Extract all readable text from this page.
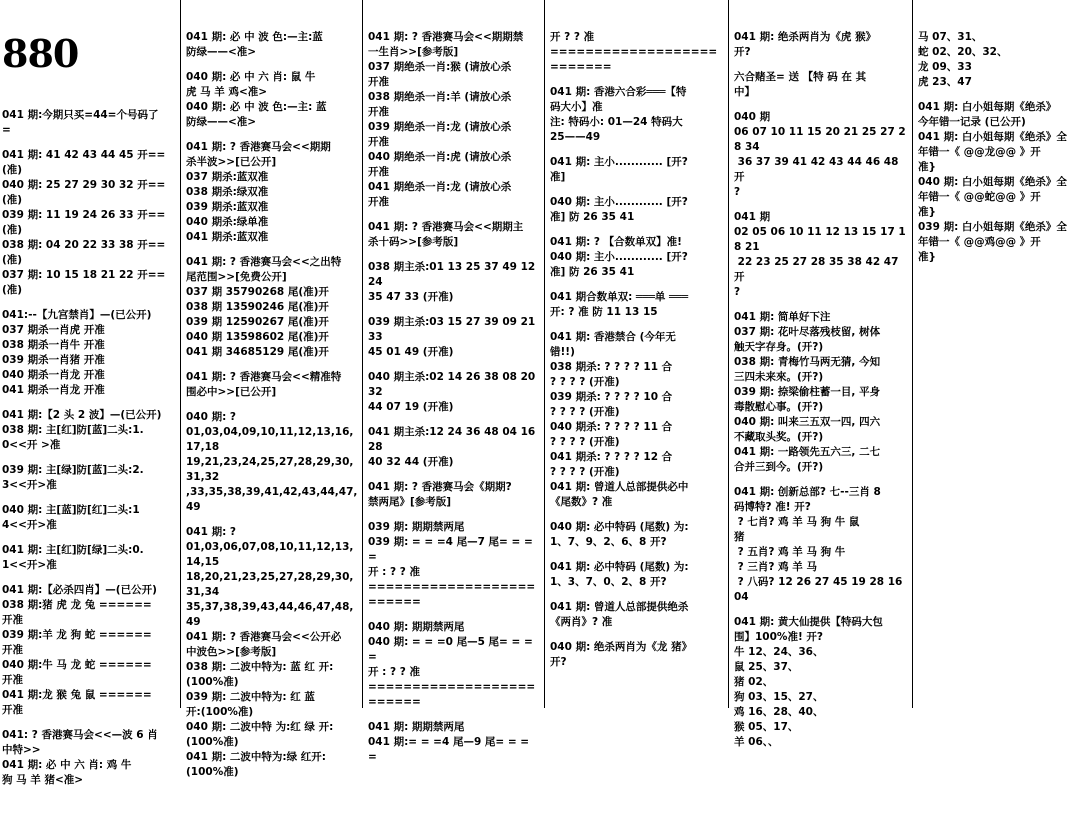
880

041 期:今期只买=44=个号码了
=
041 期: 41 42 43 44 45 开==(准)
040 期: 25 27 29 30 32 开==(准)
039 期: 11 19 24 26 33 开==(准)
038 期: 04 20 22 33 38 开==(准)
037 期: 10 15 18 21 22 开==(准)
041:--【九宫禁肖】—(已公开)
037 期杀一肖虎 开准
038 期杀一肖牛 开准
039 期杀一肖猪 开准
040 期杀一肖龙 开准
041 期杀一肖龙 开准
041 期:【2 头 2 波】—(已公开)
038 期: 主[红]防[蓝]二头:1.
0<<开 >准
039 期: 主[绿]防[蓝]二头:2.
3<<开>准
040 期: 主[蓝]防[红]二头:1
4<<开>准
041 期: 主[红]防[绿]二头:0.
1<<开>准
041 期:【必杀四肖】—(已公开)
038 期:猪 虎 龙 兔 ======
开准
039 期:羊 龙 狗 蛇 ======
开准
040 期:牛 马 龙 蛇 ======
开准
041 期:龙 猴 兔 鼠 ======
开准
041: ? 香港赛马会<<—波 6 肖
中特>>
041 期: 必 中 六 肖: 鸡 牛
狗 马 羊 猪<准>

041 期: 必 中 波 色:—主:蓝
防绿——<准>
040 期: 必 中 六 肖: 鼠 牛
虎 马 羊 鸡<准>
040 期: 必 中 波 色:—主: 蓝
防绿——<准>
041 期: ? 香港赛马会<<期期
杀半波>>[已公开]
037 期杀:蓝双准
038 期杀:绿双准
039 期杀:蓝双准
040 期杀:绿单准
041 期杀:蓝双准
041 期: ? 香港赛马会<<之出特
尾范围>>[免费公开]
037 期 35790268 尾(准)开
038 期 13590246 尾(准)开
039 期 12590267 尾(准)开
040 期 13598602 尾(准)开
041 期 34685129 尾(准)开
041 期: ? 香港赛马会<<精准特
围必中>>[已公开]
040 期: ?
01,03,04,09,10,11,12,13,16,17,18
19,21,23,24,25,27,28,29,30,31,32
,33,35,38,39,41,42,43,44,47,49
041 期: ?
01,03,06,07,08,10,11,12,13,14,15
18,20,21,23,25,27,28,29,30,31,34
35,37,38,39,43,44,46,47,48,49
041 期: ? 香港赛马会<<公开必
中波色>>[参考版]
038 期: 二波中特为: 蓝 红 开:
(100%准)
039 期: 二波中特为: 红 蓝
开:(100%准)
040 期: 二波中特 为:红 绿 开:
(100%准)
041 期: 二波中特为:绿 红开:
(100%准)

041 期: ? 香港赛马会<<期期禁
一生肖>>[参考版]
037 期绝杀一肖:猴 (请放心杀
开准
038 期绝杀一肖:羊 (请放心杀
开准
039 期绝杀一肖:龙 (请放心杀
开准
040 期绝杀一肖:虎 (请放心杀
开准
041 期绝杀一肖:龙 (请放心杀
开准
041 期: ? 香港赛马会<<期期主
杀十码>>[参考版]
038 期主杀:01 13 25 37 49 12 24
35 47 33 (开准)
039 期主杀:03 15 27 39 09 21 33
45 01 49 (开准)
040 期主杀:02 14 26 38 08 20 32
44 07 19 (开准)
041 期主杀:12 24 36 48 04 16 28
40 32 44 (开准)
041 期: ? 香港赛马会《期期?
禁两尾》[参考版]
039 期: 期期禁两尾
039 期: = = =4 尾—7 尾= = = =
开 : ? ? 准
=========================
040 期: 期期禁两尾
040 期: = = =0 尾—5 尾= = = =
开 : ? ? 准
=========================
041 期: 期期禁两尾
041 期:= = =4 尾—9 尾= = = =

开 ? ? 准
==========================
041 期: 香港六合彩═══【特
码大小】准
注: 特码小: 01—24 特码大
25——49
041 期: 主小............ [开?
准]
040 期: 主小............ [开?
准] 防 26 35 41
041 期: ? 【合数单双】准!
040 期: 主小............ [开?
准] 防 26 35 41
041 期合数单双: ═══单 ═══
开: ? 准 防 11 13 15
041 期: 香港禁合 (今年无
错!!)
038 期杀: ? ? ? ? 11 合
? ? ? ? (开准)
039 期杀: ? ? ? ? 10 合
? ? ? ? (开准)
040 期杀: ? ? ? ? 11 合
? ? ? ? (开准)
041 期杀: ? ? ? ? 12 合
? ? ? ? (开准)
041 期: 曾道人总部提供必中
《尾数》? 准
040 期: 必中特码 (尾数) 为:
1、7、9、2、6、8 开?
041 期: 必中特码 (尾数) 为:
1、3、7、0、2、8 开?
041 期: 曾道人总部提供绝杀
《两肖》? 准
040 期: 绝杀两肖为《龙 猪》
开?

041 期: 绝杀两肖为《虎 猴》
开?
六合赌圣= 送 【特 码 在 其
中】
040 期
06 07 10 11 15 20 21 25 27 28 34
36 37 39 41 42 43 44 46 48 开
?
041 期
02 05 06 10 11 12 13 15 17 18 21
22 23 25 27 28 35 38 42 47 开
?
041 期: 简单好下注
037 期: 花叶尽落残枝留, 树体
触天字存身。(开?)
038 期: 青梅竹马两无猜, 今知
三四未来來。(开?)
039 期: 捺梁偷柱蓄一目, 平身
毒散慰心事。(开?)
040 期: 叫来三五双一四, 四六
不藏取头奖。(开?)
041 期: 一路领先五六三, 二七
合并三到今。(开?)
041 期: 创新总部? 七--三肖 8
码博特? 准! 开?
? 七肖? 鸡 羊 马 狗 牛 鼠
猪
? 五肖? 鸡 羊 马 狗 牛
? 三肖? 鸡 羊 马
? 八码? 12 26 27 45 19 28 16
04
041 期: 黄大仙提供【特码大包
围】100%准! 开?
牛 12、24、36、
鼠 25、37、
猪 02、
狗 03、15、27、
鸡 16、28、40、
猴 05、17、
羊 06、、

马 07、31、
蛇 02、20、32、
龙 09、33
虎 23、47
041 期: 白小姐每期《绝杀》
今年错一记录 (已公开)
041 期: 白小姐每期《绝杀》全
年错一《 @@龙@@ 》开
准}
040 期: 白小姐每期《绝杀》全
年错一《 @@蛇@@ 》开
准}
039 期: 白小姐每期《绝杀》全
年错一《 @@鸡@@ 》开
准}
